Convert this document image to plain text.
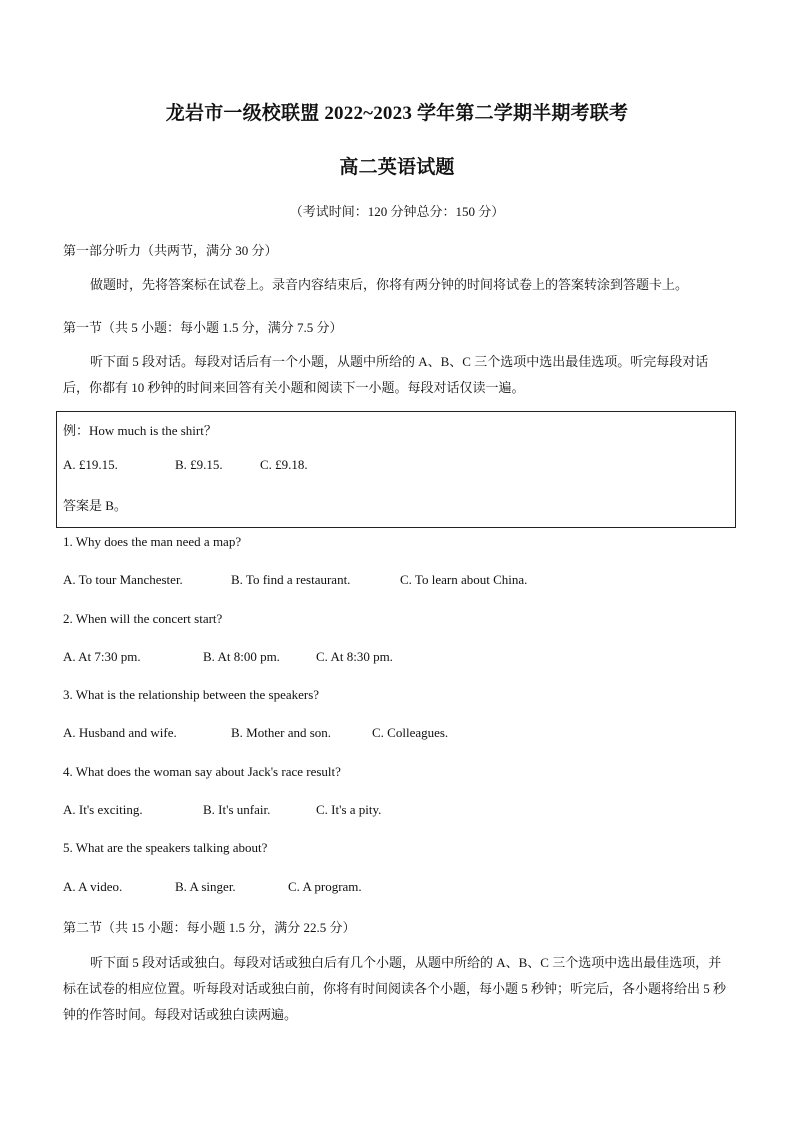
龙岩市一级校联盟 2022~2023 学年第二学期半期考联考
高二英语试题
（考试时间：120 分钟总分：150 分）
第一部分听力（共两节，满分 30 分）
做题时，先将答案标在试卷上。录音内容结束后，你将有两分钟的时间将试卷上的答案转涂到答题卡上。
第一节（共 5 小题：每小题 1.5 分，满分 7.5 分）
听下面 5 段对话。每段对话后有一个小题，从题中所给的 A、B、C 三个选项中选出最佳选项。听完每段对话后，你都有 10 秒钟的时间来回答有关小题和阅读下一小题。每段对话仅读一遍。
例：How much is the shirt？
A. £19.15.	B. £9.15.	C. £9.18.
答案是 B。
1. Why does the man need a map?
A. To tour Manchester.	B. To find a restaurant.	C. To learn about China.
2. When will the concert start?
A. At 7:30 pm.	B. At 8:00 pm.	C. At 8:30 pm.
3. What is the relationship between the speakers?
A. Husband and wife.	B. Mother and son.	C. Colleagues.
4. What does the woman say about Jack's race result?
A. It's exciting.	B. It's unfair.	C. It's a pity.
5. What are the speakers talking about?
A. A video.	B. A singer.	C. A program.
第二节（共 15 小题：每小题 1.5 分，满分 22.5 分）
听下面 5 段对话或独白。每段对话或独白后有几个小题，从题中所给的 A、B、C 三个选项中选出最佳选项，并标在试卷的相应位置。听每段对话或独白前，你将有时间阅读各个小题，每小题 5 秒钟；听完后，各小题将给出 5 秒钟的作答时间。每段对话或独白读两遍。
